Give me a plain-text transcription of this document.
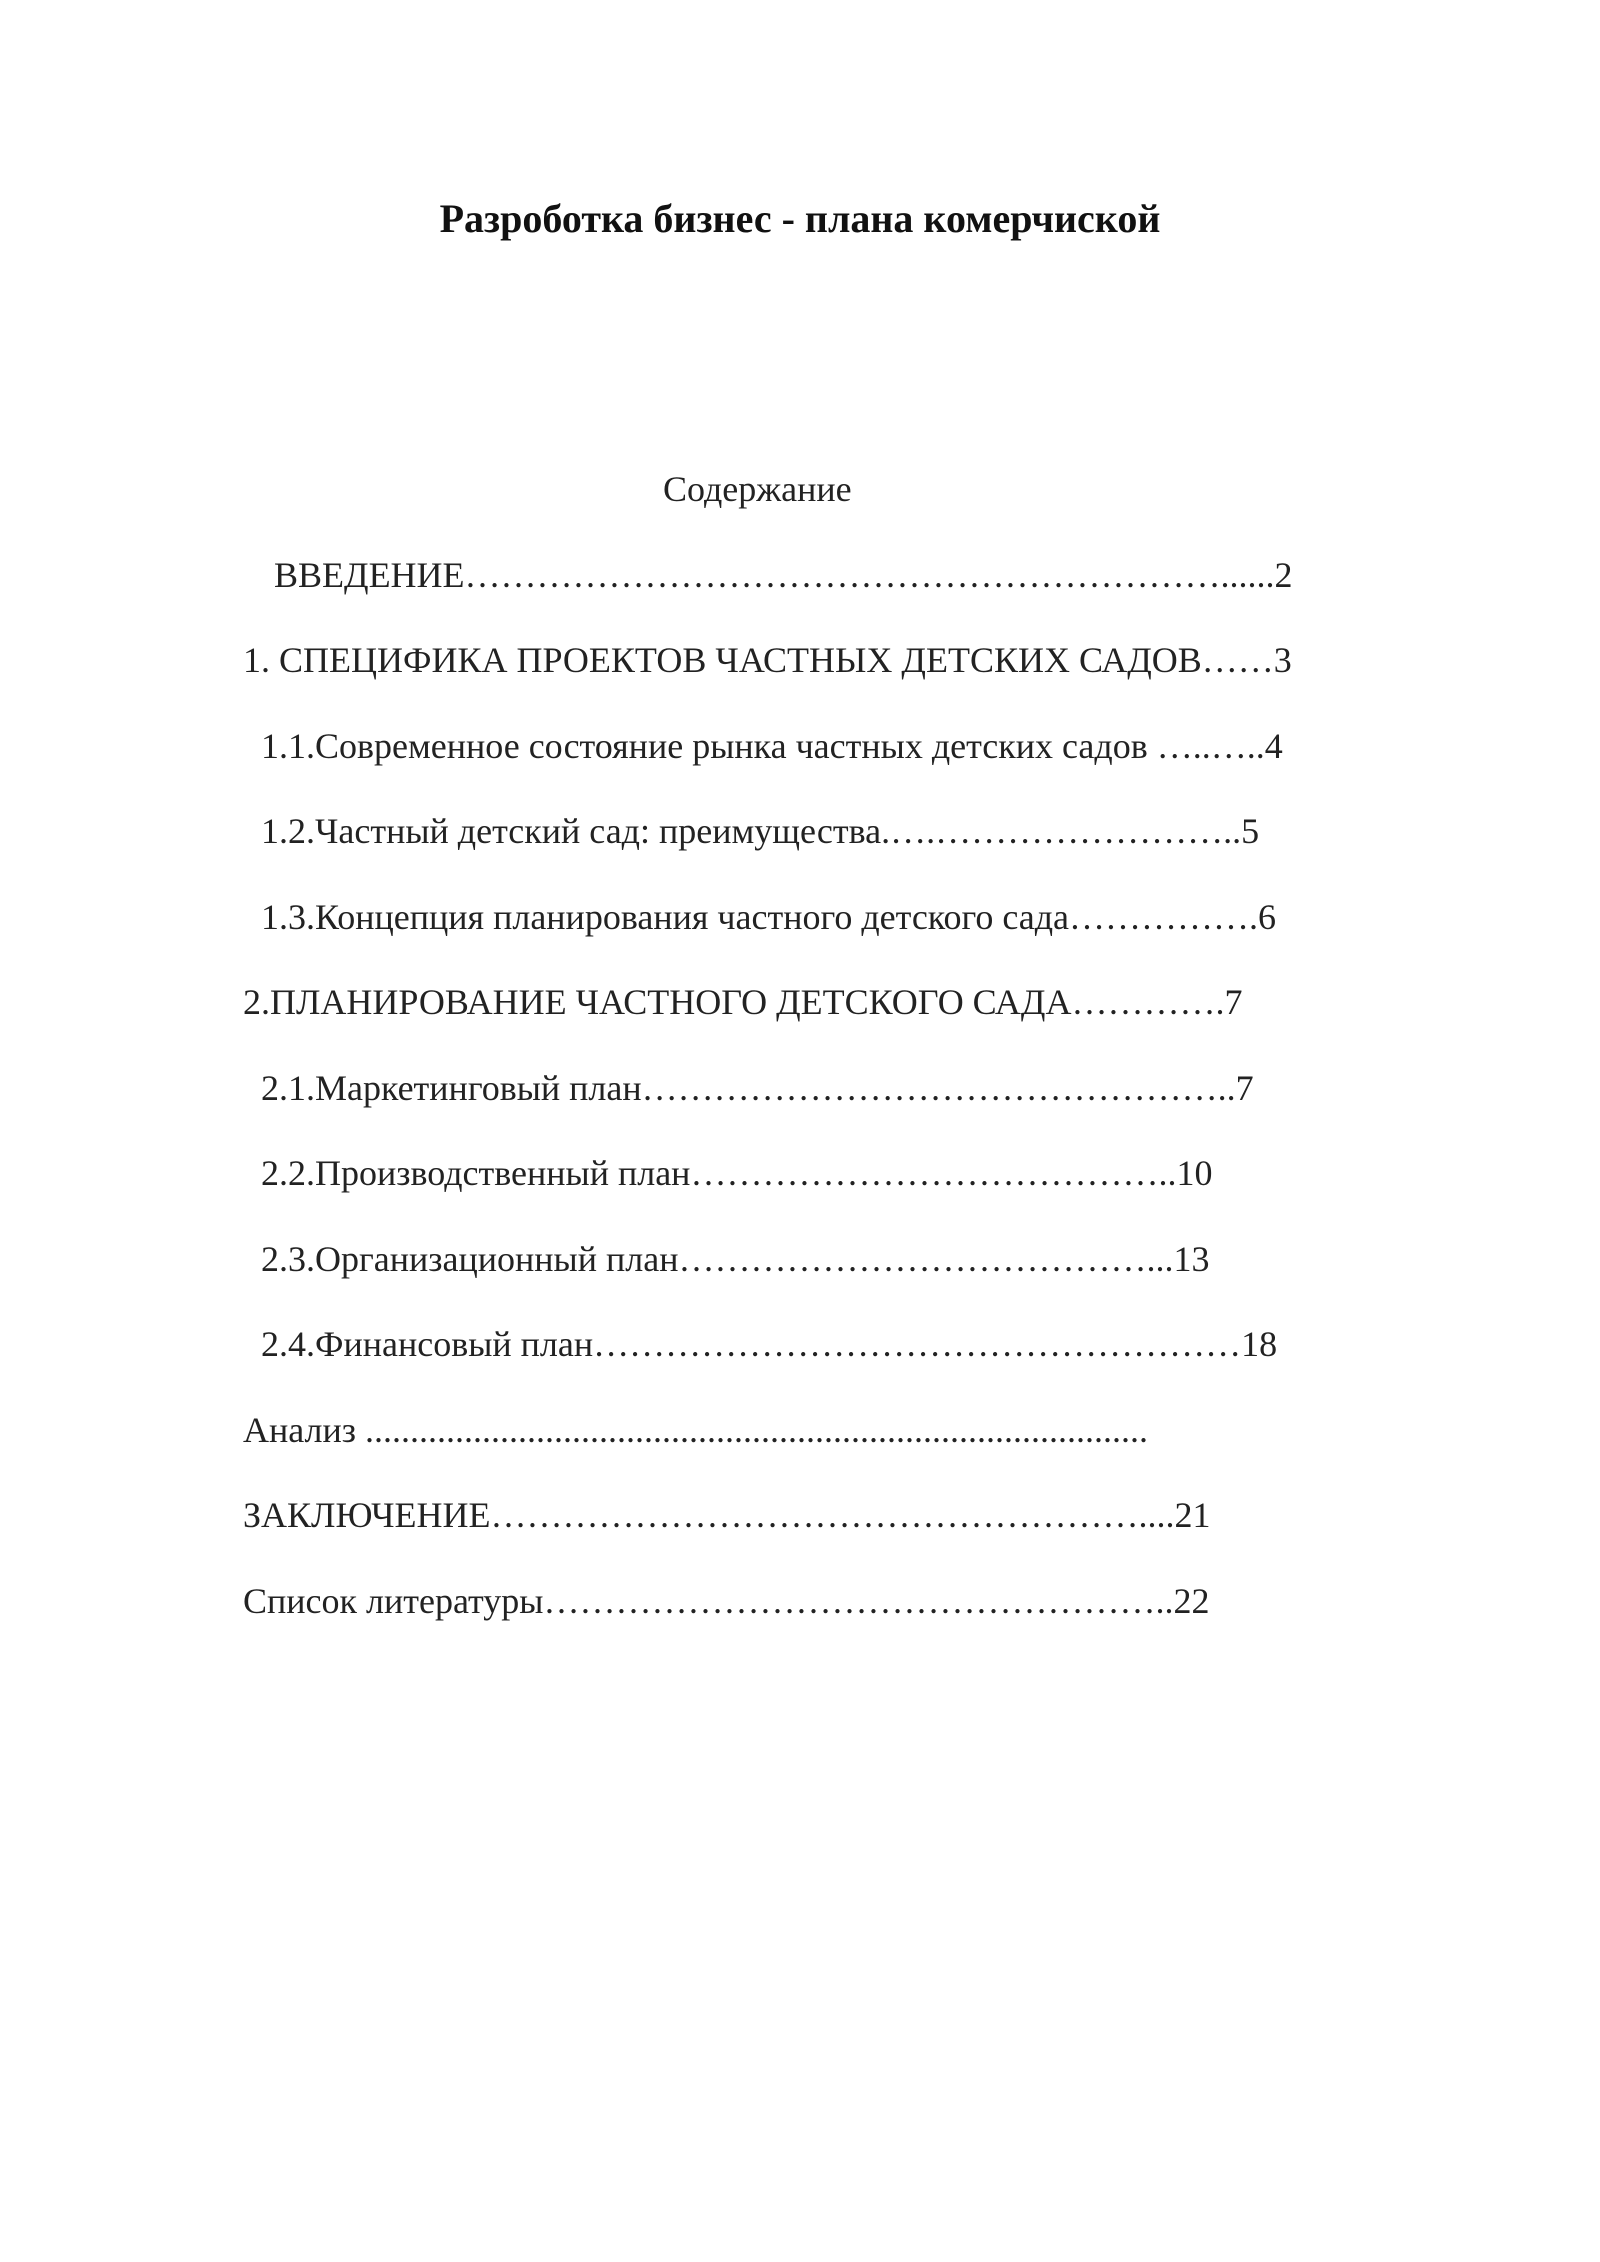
Разроботка бизнес - плана комерчиской
Содержание
ВВЕДЕНИЕ………………………………………………………......2
1. СПЕЦИФИКА ПРОЕКТОВ ЧАСТНЫХ ДЕТСКИХ САДОВ……3
1.1.Современное состояние рынка частных детских садов …..…..4
1.2.Частный детский сад: преимущества.….……………………..5
1.3.Концепция планирования частного детского сада…………….6
2.ПЛАНИРОВАНИЕ ЧАСТНОГО ДЕТСКОГО САДА………….7
2.1.Маркетинговый план…………………………………………..7
2.2.Производственный план…………………………………..10
2.3.Организационный план…………………………………...13
2.4.Финансовый план………………………………………………18
Анализ .......................................................................................
ЗАКЛЮЧЕНИЕ………………………………………………....21
Список литературы……………………………………………..22
